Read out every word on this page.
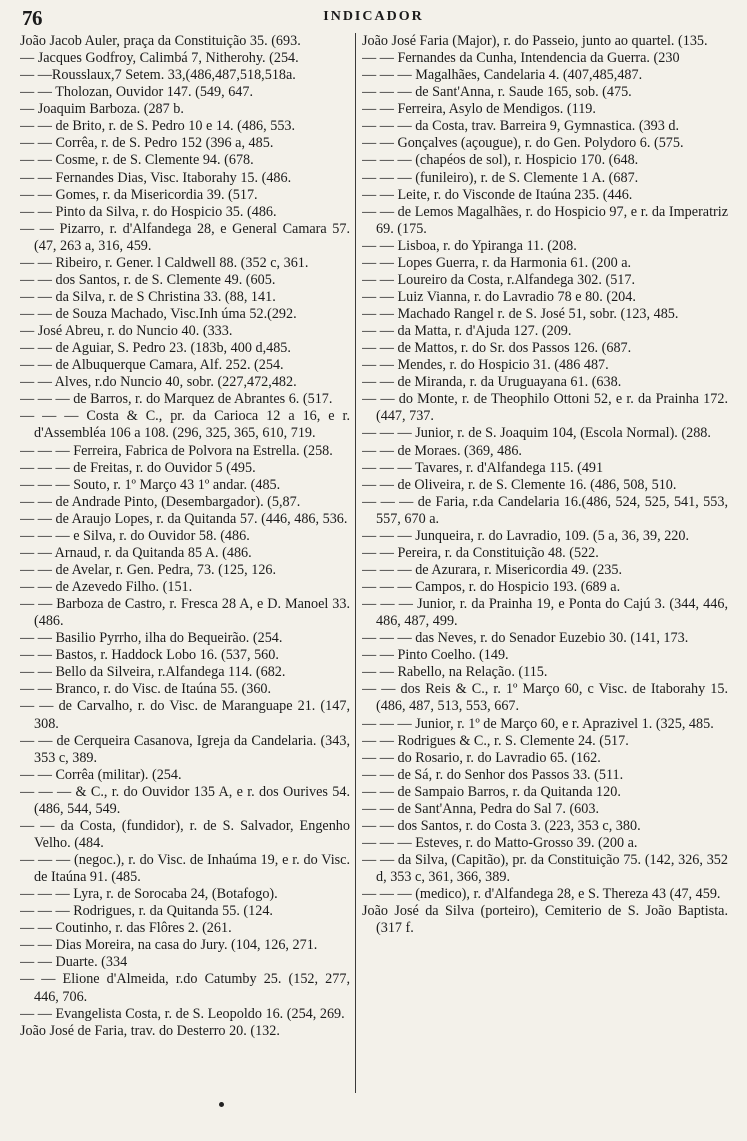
76	INDICADOR

João Jacob Auler, praça da Constituição 35. (693.

— Jacques Godfroy, Calimbá 7, Nitherohy. (254.

— —Rousslaux,7 Setem. 33,(486,487,518,518a.

— — Tholozan, Ouvidor 147. (549, 647.

— Joaquim Barboza. (287 b.

— — de Brito, r. de S. Pedro 10 e 14. (486, 553.

— — Corrêa, r. de S. Pedro 152 (396 a, 485.

— — Cosme, r. de S. Clemente 94. (678.

— — Fernandes Dias, Visc. Itaborahy 15. (486.

— — Gomes, r. da Misericordia 39. (517.

— — Pinto da Silva, r. do Hospicio 35. (486.

— — Pizarro, r. d'Alfandega 28, e General Camara 57. (47, 263 a, 316, 459.

— — Ribeiro, r. Gener. l Caldwell 88. (352 c, 361.

— — dos Santos, r. de S. Clemente 49. (605.

— — da Silva, r. de S Christina 33. (88, 141.

— — de Souza Machado, Visc.Inh úma 52.(292.

— José Abreu, r. do Nuncio 40. (333.

— — de Aguiar, S. Pedro 23. (183b, 400 d,485.

— — de Albuquerque Camara, Alf. 252. (254.

— — Alves, r.do Nuncio 40, sobr. (227,472,482.

— — — de Barros, r. do Marquez de Abrantes 6. (517.

— — — Costa & C., pr. da Carioca 12 a 16, e r. d'Assembléa 106 a 108. (296, 325, 365, 610, 719.

— — — Ferreira, Fabrica de Polvora na Estrella. (258.

— — — de Freitas, r. do Ouvidor 5 (495.

— — — Souto, r. 1º Março 43 1º andar. (485.

— — de Andrade Pinto, (Desembargador). (5,87.

— — de Araujo Lopes, r. da Quitanda 57. (446, 486, 536.

— — — e Silva, r. do Ouvidor 58. (486.

— — Arnaud, r. da Quitanda 85 A. (486.

— — de Avelar, r. Gen. Pedra, 73. (125, 126.

— — de Azevedo Filho. (151.

— — Barboza de Castro, r. Fresca 28 A, e D. Manoel 33. (486.

— — Basilio Pyrrho, ilha do Bequeirão. (254.

— — Bastos, r. Haddock Lobo 16. (537, 560.

— — Bello da Silveira, r.Alfandega 114. (682.

— — Branco, r. do Visc. de Itaúna 55. (360.

— — de Carvalho, r. do Visc. de Maranguape 21. (147, 308.

— — de Cerqueira Casanova, Igreja da Candelaria. (343, 353 c, 389.

— — Corrêa (militar). (254.

— — — & C., r. do Ouvidor 135 A, e r. dos Ourives 54. (486, 544, 549.

— — da Costa, (fundidor), r. de S. Salvador, Engenho Velho. (484.

— — — (negoc.), r. do Visc. de Inhaúma 19, e r. do Visc. de Itaúna 91. (485.

— — — Lyra, r. de Sorocaba 24, (Botafogo).

— — — Rodrigues, r. da Quitanda 55. (124.

— — Coutinho, r. das Flôres 2. (261.

— — Dias Moreira, na casa do Jury. (104, 126, 271.

— — Duarte. (334

— — Elione d'Almeida, r.do Catumby 25. (152, 277, 446, 706.

— — Evangelista Costa, r. de S. Leopoldo 16. (254, 269.

João José de Faria, trav. do Desterro 20. (132.

João José Faria (Major), r. do Passeio, junto ao quartel. (135.

— — Fernandes da Cunha, Intendencia da Guerra. (230

— — — Magalhães, Candelaria 4. (407,485,487.

— — — de Sant'Anna, r. Saude 165, sob. (475.

— — Ferreira, Asylo de Mendigos. (119.

— — — da Costa, trav. Barreira 9, Gymnastica. (393 d.

— — Gonçalves (açougue), r. do Gen. Polydoro 6. (575.

— — — (chapéos de sol), r. Hospicio 170. (648.

— — — (funileiro), r. de S. Clemente 1 A. (687.

— — Leite, r. do Visconde de Itaúna 235. (446.

— — de Lemos Magalhães, r. do Hospicio 97, e r. da Imperatriz 69. (175.

— — Lisboa, r. do Ypiranga 11. (208.

— — Lopes Guerra, r. da Harmonia 61. (200 a.

— — Loureiro da Costa, r.Alfandega 302. (517.

— — Luiz Vianna, r. do Lavradio 78 e 80. (204.

— — Machado Rangel r. de S. José 51, sobr. (123, 485.

— — da Matta, r. d'Ajuda 127. (209.

— — de Mattos, r. do Sr. dos Passos 126. (687.

— — Mendes, r. do Hospicio 31. (486 487.

— — de Miranda, r. da Uruguayana 61. (638.

— — do Monte, r. de Theophilo Ottoni 52, e r. da Prainha 172. (447, 737.

— — — Junior, r. de S. Joaquim 104, (Escola Normal). (288.

— — de Moraes. (369, 486.

— — — Tavares, r. d'Alfandega 115. (491

— — de Oliveira, r. de S. Clemente 16. (486, 508, 510.

— — — de Faria, r.da Candelaria 16.(486, 524, 525, 541, 553, 557, 670 a.

— — — Junqueira, r. do Lavradio, 109. (5 a, 36, 39, 220.

— — Pereira, r. da Constituição 48. (522.

— — — de Azurara, r. Misericordia 49. (235.

— — — Campos, r. do Hospicio 193. (689 a.

— — — Junior, r. da Prainha 19, e Ponta do Cajú 3. (344, 446, 486, 487, 499.

— — — das Neves, r. do Senador Euzebio 30. (141, 173.

— — Pinto Coelho. (149.

— — Rabello, na Relação. (115.

— — dos Reis & C., r. 1º Março 60, c Visc. de Itaborahy 15. (486, 487, 513, 553, 667.

— — — Junior, r. 1º de Março 60, e r. Aprazivel 1. (325, 485.

— — Rodrigues & C., r. S. Clemente 24. (517.

— — do Rosario, r. do Lavradio 65. (162.

— — de Sá, r. do Senhor dos Passos 33. (511.

— — de Sampaio Barros, r. da Quitanda 120.

— — de Sant'Anna, Pedra do Sal 7. (603.

— — dos Santos, r. do Costa 3. (223, 353 c, 380.

— — — Esteves, r. do Matto-Grosso 39. (200 a.

— — da Silva, (Capitão), pr. da Constituição 75. (142, 326, 352 d, 353 c, 361, 366, 389.

— — — (medico), r. d'Alfandega 28, e S. Thereza 43 (47, 459.

João José da Silva (porteiro), Cemiterio de S. João Baptista. (317 f.
